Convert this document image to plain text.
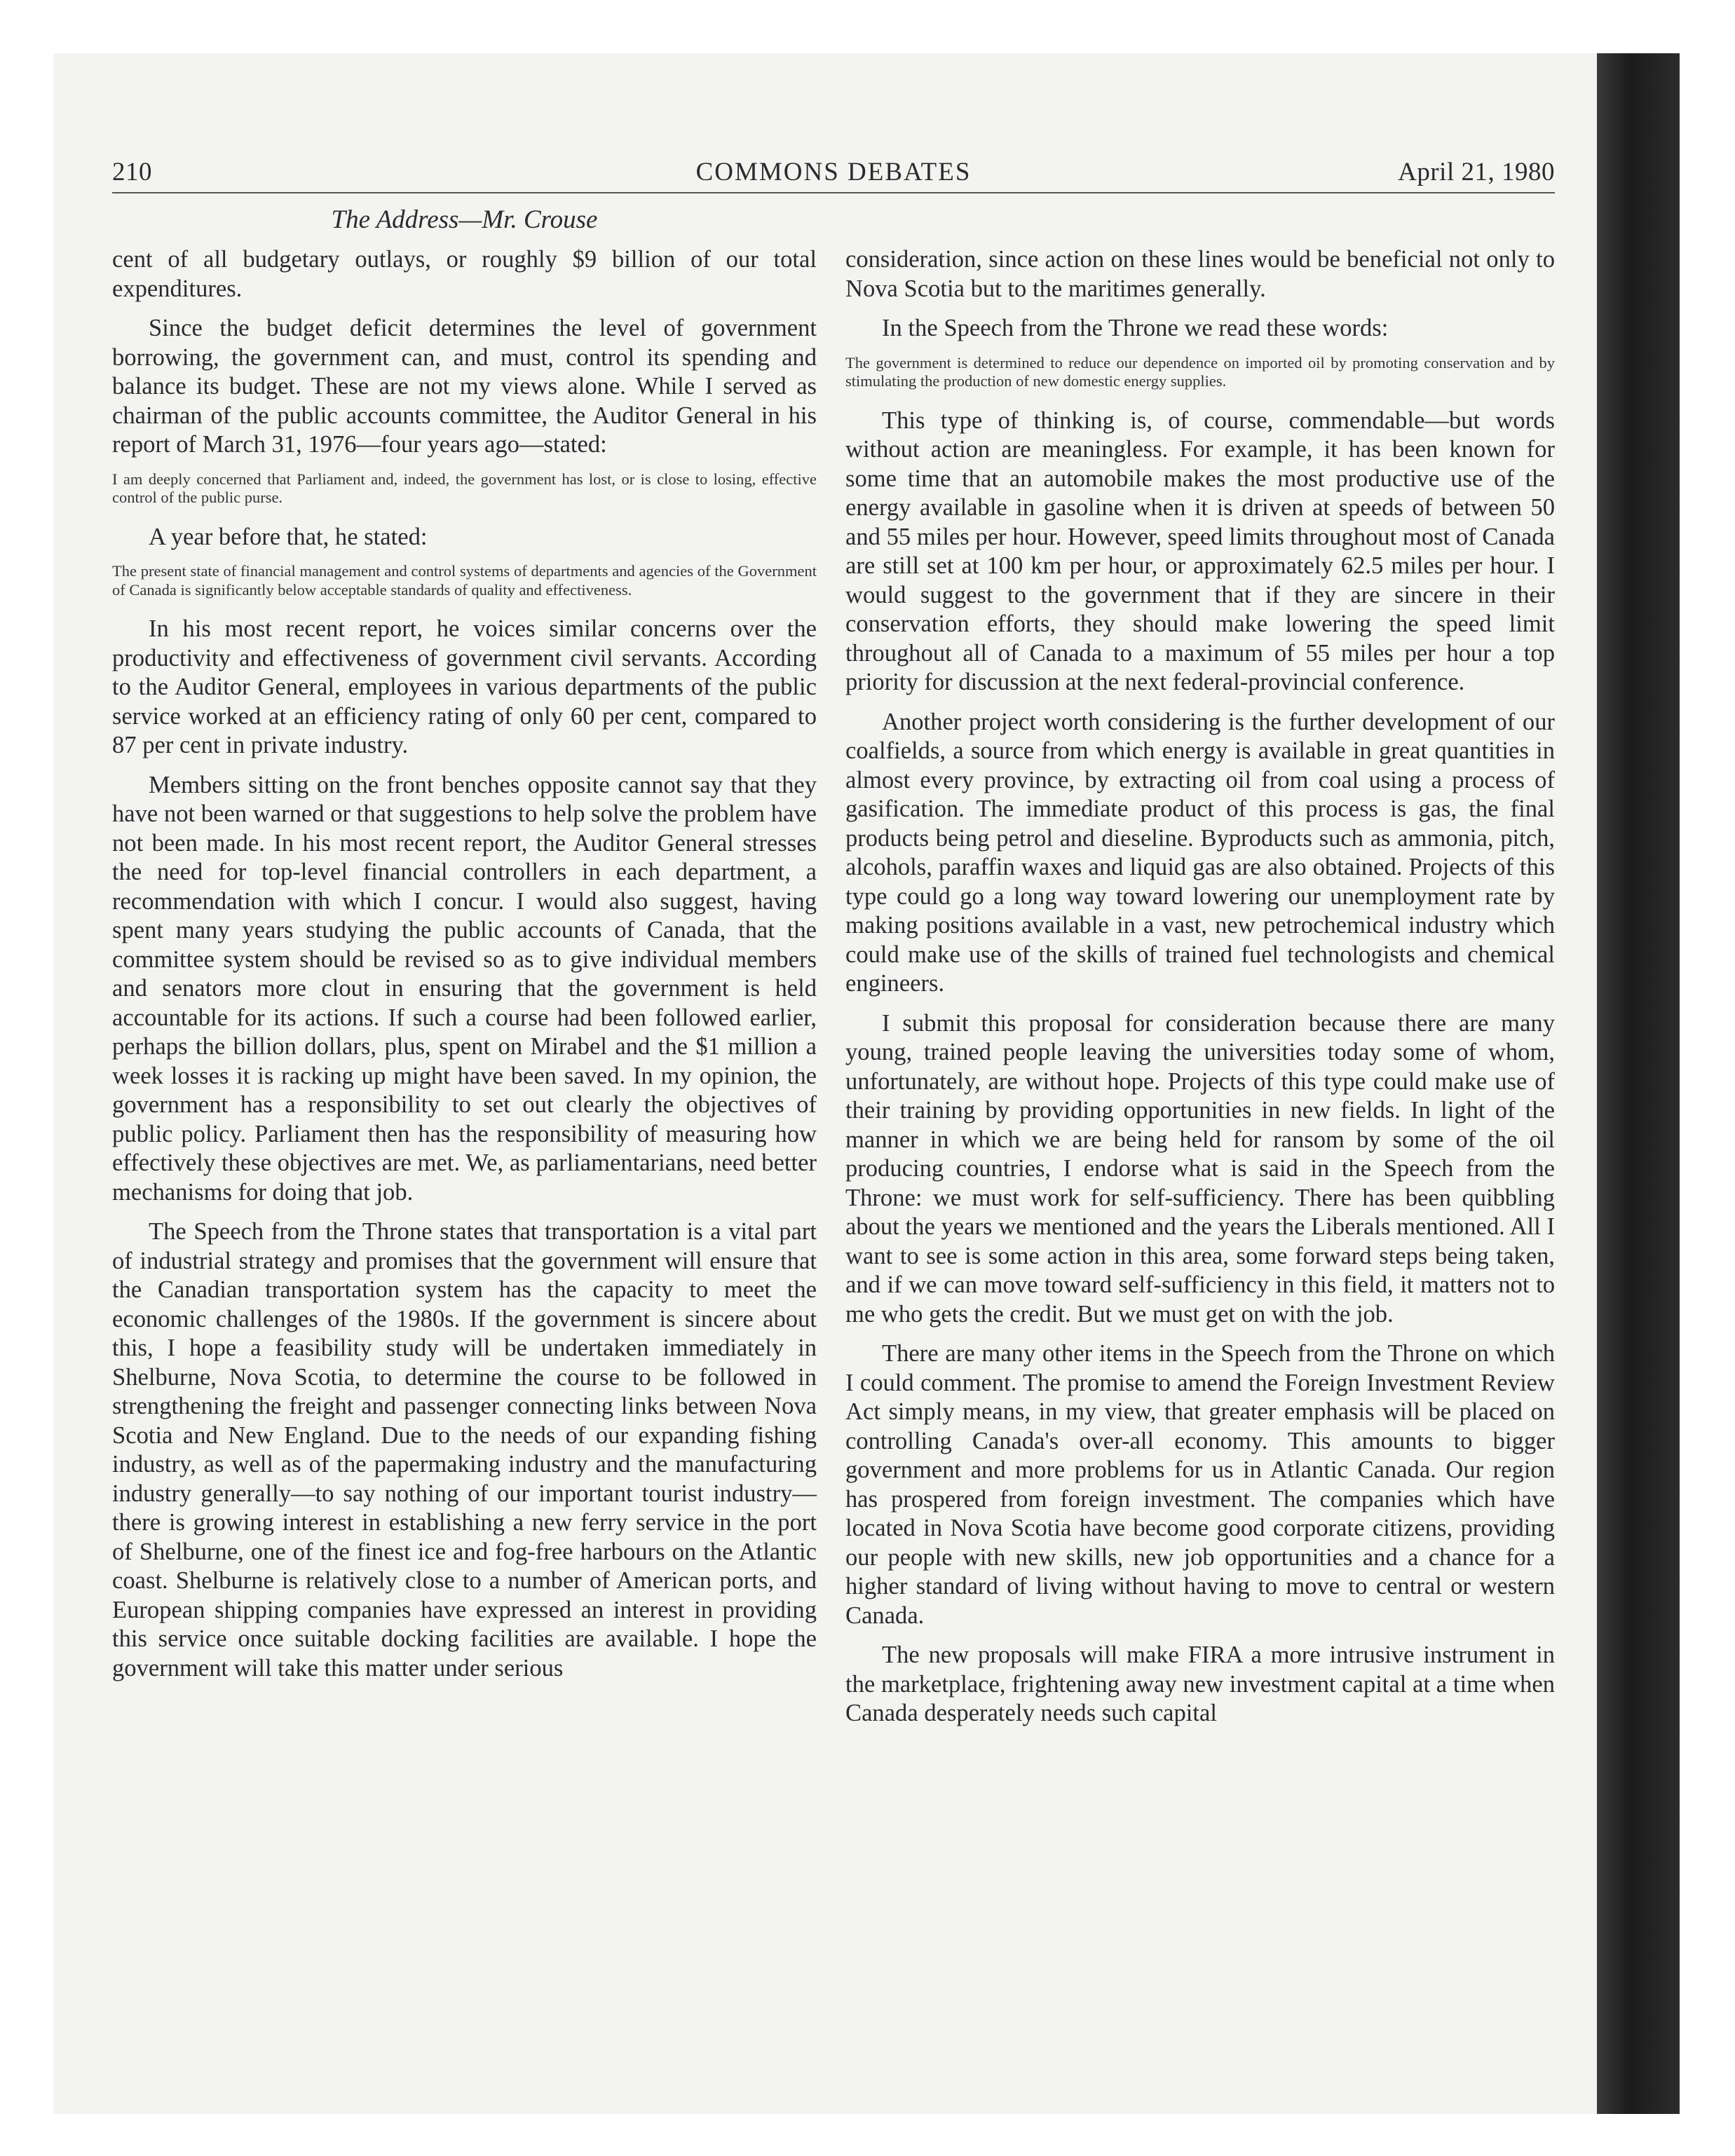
210	COMMONS DEBATES	April 21, 1980
The Address—Mr. Crouse

cent of all budgetary outlays, or roughly $9 billion of our total expenditures.

Since the budget deficit determines the level of government borrowing, the government can, and must, control its spending and balance its budget. These are not my views alone. While I served as chairman of the public accounts committee, the Auditor General in his report of March 31, 1976—four years ago—stated:

I am deeply concerned that Parliament and, indeed, the government has lost, or is close to losing, effective control of the public purse.

A year before that, he stated:

The present state of financial management and control systems of departments and agencies of the Government of Canada is significantly below acceptable standards of quality and effectiveness.

In his most recent report, he voices similar concerns over the productivity and effectiveness of government civil servants. According to the Auditor General, employees in various departments of the public service worked at an efficiency rating of only 60 per cent, compared to 87 per cent in private industry.

Members sitting on the front benches opposite cannot say that they have not been warned or that suggestions to help solve the problem have not been made. In his most recent report, the Auditor General stresses the need for top-level financial controllers in each department, a recommendation with which I concur. I would also suggest, having spent many years studying the public accounts of Canada, that the committee system should be revised so as to give individual members and senators more clout in ensuring that the government is held accountable for its actions. If such a course had been followed earlier, perhaps the billion dollars, plus, spent on Mirabel and the $1 million a week losses it is racking up might have been saved. In my opinion, the government has a responsibility to set out clearly the objectives of public policy. Parliament then has the responsibility of measuring how effectively these objectives are met. We, as parliamentarians, need better mechanisms for doing that job.

The Speech from the Throne states that transportation is a vital part of industrial strategy and promises that the government will ensure that the Canadian transportation system has the capacity to meet the economic challenges of the 1980s. If the government is sincere about this, I hope a feasibility study will be undertaken immediately in Shelburne, Nova Scotia, to determine the course to be followed in strengthening the freight and passenger connecting links between Nova Scotia and New England. Due to the needs of our expanding fishing industry, as well as of the papermaking industry and the manufacturing industry generally—to say nothing of our important tourist industry—there is growing interest in establishing a new ferry service in the port of Shelburne, one of the finest ice and fog-free harbours on the Atlantic coast. Shelburne is relatively close to a number of American ports, and European shipping companies have expressed an interest in providing this service once suitable docking facilities are available. I hope the government will take this matter under serious

consideration, since action on these lines would be beneficial not only to Nova Scotia but to the maritimes generally.

In the Speech from the Throne we read these words:

The government is determined to reduce our dependence on imported oil by promoting conservation and by stimulating the production of new domestic energy supplies.

This type of thinking is, of course, commendable—but words without action are meaningless. For example, it has been known for some time that an automobile makes the most productive use of the energy available in gasoline when it is driven at speeds of between 50 and 55 miles per hour. However, speed limits throughout most of Canada are still set at 100 km per hour, or approximately 62.5 miles per hour. I would suggest to the government that if they are sincere in their conservation efforts, they should make lowering the speed limit throughout all of Canada to a maximum of 55 miles per hour a top priority for discussion at the next federal-provincial conference.

Another project worth considering is the further development of our coalfields, a source from which energy is available in great quantities in almost every province, by extracting oil from coal using a process of gasification. The immediate product of this process is gas, the final products being petrol and dieseline. Byproducts such as ammonia, pitch, alcohols, paraffin waxes and liquid gas are also obtained. Projects of this type could go a long way toward lowering our unemployment rate by making positions available in a vast, new petrochemical industry which could make use of the skills of trained fuel technologists and chemical engineers.

I submit this proposal for consideration because there are many young, trained people leaving the universities today some of whom, unfortunately, are without hope. Projects of this type could make use of their training by providing opportunities in new fields. In light of the manner in which we are being held for ransom by some of the oil producing countries, I endorse what is said in the Speech from the Throne: we must work for self-sufficiency. There has been quibbling about the years we mentioned and the years the Liberals mentioned. All I want to see is some action in this area, some forward steps being taken, and if we can move toward self-sufficiency in this field, it matters not to me who gets the credit. But we must get on with the job.

There are many other items in the Speech from the Throne on which I could comment. The promise to amend the Foreign Investment Review Act simply means, in my view, that greater emphasis will be placed on controlling Canada's over-all economy. This amounts to bigger government and more problems for us in Atlantic Canada. Our region has prospered from foreign investment. The companies which have located in Nova Scotia have become good corporate citizens, providing our people with new skills, new job opportunities and a chance for a higher standard of living without having to move to central or western Canada.

The new proposals will make FIRA a more intrusive instrument in the marketplace, frightening away new investment capital at a time when Canada desperately needs such capital
